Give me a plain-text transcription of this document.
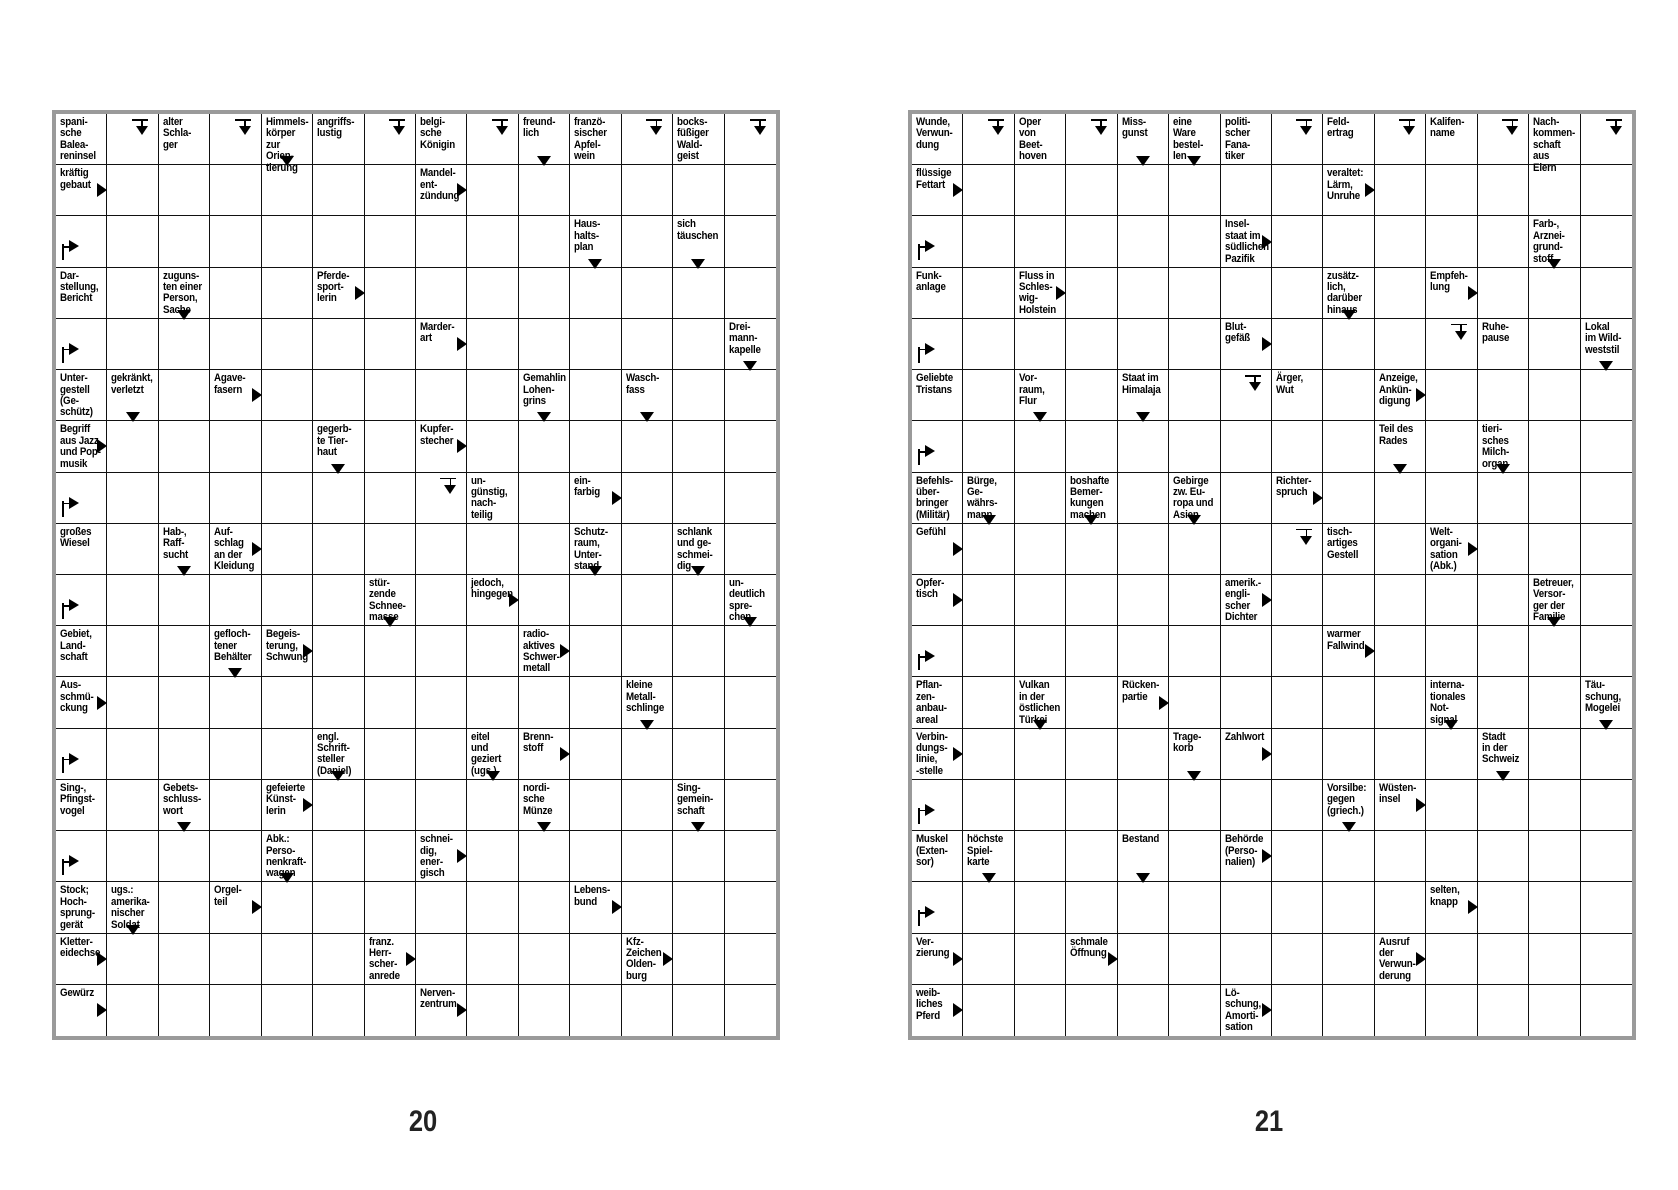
spani-
sche
Balea-
reninsel
alter
Schla-
ger
Himmels-
körper
zur Orien-
tierung
angriffs-
lustig
belgi-
sche
Königin
freund-
lich
franzö-
sischer
Apfel-
wein
bocks-
füßiger
Wald-
geist
kräftig
gebaut
Mandel-
ent-
zündung
Haus-
halts-
plan
sich
täuschen
Dar-
stellung,
Bericht
zuguns-
ten einer
Person,
Sache
Pferde-
sport-
lerin
Marder-
art
Drei-
mann-
kapelle
Unter-
gestell
(Ge-
schütz)
gekränkt,
verletzt
Agave-
fasern
Gemahlin
Lohen-
grins
Wasch-
fass
Begriff
aus Jazz
und Pop-
musik
gegerb-
te Tier-
haut
Kupfer-
stecher
un-
günstig,
nach-
teilig
ein-
farbig
großes
Wiesel
Hab-,
Raff-
sucht
Auf-
schlag
an der
Kleidung
Schutz-
raum,
Unter-
stand
schlank
und ge-
schmei-
dig
stür-
zende
Schnee-
masse
jedoch,
hingegen
un-
deutlich
spre-
chen
Gebiet,
Land-
schaft
gefloch-
tener
Behälter
Begeis-
terung,
Schwung
radio-
aktives
Schwer-
metall
Aus-
schmü-
ckung
kleine
Metall-
schlinge
engl.
Schrift-
steller
(Daniel)
eitel
und
geziert
(ugs.)
Brenn-
stoff
Sing-,
Pfingst-
vogel
Gebets-
schluss-
wort
gefeierte
Künst-
lerin
nordi-
sche
Münze
Sing-
gemein-
schaft
Abk.:
Perso-
nenkraft-
wagen
schnei-
dig,
ener-
gisch
Stock;
Hoch-
sprung-
gerät
ugs.:
amerika-
nischer
Soldat
Orgel-
teil
Lebens-
bund
Kletter-
eidechse
franz.
Herr-
scher-
anrede
Kfz-
Zeichen
Olden-
burg
Gewürz	Nerven-
zentrum
Wunde,
Verwun-
dung
Oper von
Beet-
hoven
Miss-
gunst
eine
Ware
bestel-
len
politi-
scher
Fana-
tiker
Feld-
ertrag
Kalifen-
name
Nach-
kommen-
schaft
aus Eiern
flüssige
Fettart
veraltet:
Lärm,
Unruhe
Insel-
staat im
südlichen
Pazifik
Farb-,
Arznei-
grund-
stoff
Funk-
anlage
Fluss in
Schles-
wig-
Holstein
zusätz-
lich,
darüber
hinaus
Empfeh-
lung
Blut-
gefäß
Ruhe-
pause
Lokal
im Wild-
weststil
Geliebte
Tristans
Vor-
raum,
Flur
Staat im
Himalaja
Ärger,
Wut
Anzeige,
Ankün-
digung
Teil des
Rades
tieri-
sches
Milch-
organ
Befehls-
über-
bringer
(Militär)
Bürge,
Ge-
währs-
mann
boshafte
Bemer-
kungen
machen
Gebirge
zw. Eu-
ropa und
Asien
Richter-
spruch
Gefühl	tisch-
artiges
Gestell
Welt-
organi-
sation
(Abk.)
Opfer-
tisch
amerik.-
engli-
scher
Dichter
Betreuer,
Versor-
ger der
Familie
warmer
Fallwind
Pflan-
zen-
anbau-
areal
Vulkan
in der
östlichen
Türkei
Rücken-
partie
interna-
tionales
Not-
signal
Täu-
schung,
Mogelei
Verbin-
dungs-
linie,
-stelle
Trage-
korb
Zahlwort	Stadt
in der
Schweiz
Vorsilbe:
gegen
(griech.)
Wüsten-
insel
Muskel
(Exten-
sor)
höchste
Spiel-
karte
Bestand	Behörde
(Perso-
nalien)
selten,
knapp
Ver-
zierung
schmale
Öffnung
Ausruf
der
Verwun-
derung
weib-
liches
Pferd
Lö-
schung,
Amorti-
sation
20	21
